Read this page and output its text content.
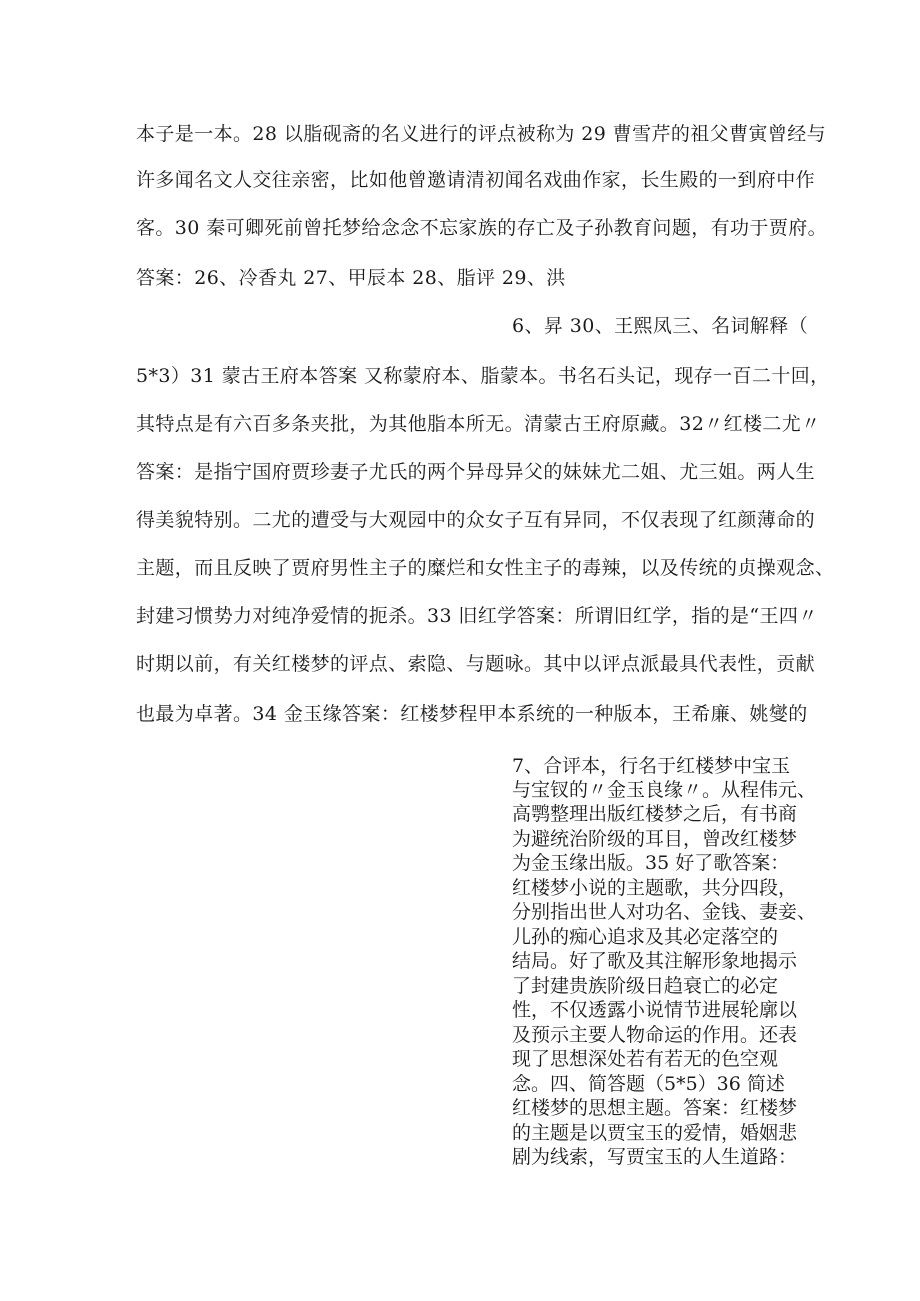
本子是一本。28 以脂砚斋的名义进行的评点被称为 29 曹雪芹的祖父曹寅曾经与
许多闻名文人交往亲密，比如他曾邀请清初闻名戏曲作家，长生殿的一到府中作
客。30 秦可卿死前曾托梦给念念不忘家族的存亡及子孙教育问题，有功于贾府。
答案：26、冷香丸 27、甲辰本 28、脂评 29、洪
6、昇 30、王熙凤三、名词解释（
5*3）31 蒙古王府本答案 又称蒙府本、脂蒙本。书名石头记，现存一百二十回，
其特点是有六百多条夹批，为其他脂本所无。清蒙古王府原藏。32〃红楼二尤〃
答案：是指宁国府贾珍妻子尤氏的两个异母异父的妹妹尤二姐、尤三姐。两人生
得美貌特别。二尤的遭受与大观园中的众女子互有异同，不仅表现了红颜薄命的
主题，而且反映了贾府男性主子的糜烂和女性主子的毒辣，以及传统的贞操观念、
封建习惯势力对纯净爱情的扼杀。33 旧红学答案：所谓旧红学，指的是“王四〃
时期以前，有关红楼梦的评点、索隐、与题咏。其中以评点派最具代表性，贡献
也最为卓著。34 金玉缘答案：红楼梦程甲本系统的一种版本，王希廉、姚燮的
7、合评本，行名于红楼梦中宝玉
与宝钗的〃金玉良缘〃。从程伟元、
高鹗整理出版红楼梦之后，有书商
为避统治阶级的耳目，曾改红楼梦
为金玉缘出版。35 好了歌答案：
红楼梦小说的主题歌，共分四段，
分别指出世人对功名、金钱、妻妾、
儿孙的痴心追求及其必定落空的
结局。好了歌及其注解形象地揭示
了封建贵族阶级日趋衰亡的必定
性，不仅透露小说情节进展轮廓以
及预示主要人物命运的作用。还表
现了思想深处若有若无的色空观
念。四、简答题（5*5）36 简述
红楼梦的思想主题。答案：红楼梦
的主题是以贾宝玉的爱情，婚姻悲
剧为线索，写贾宝玉的人生道路：
